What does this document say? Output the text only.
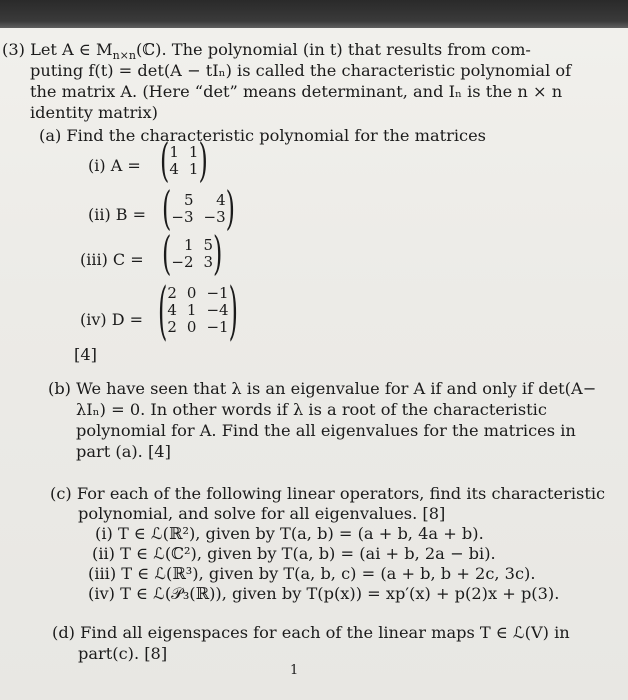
(3) Let A ∈ $M_{n\times n}(ℂ)$. The polynomial (in t) that results from com-
puting f(t) = det(A − tIₙ) is called the characteristic polynomial of
the matrix A. (Here “det” means determinant, and Iₙ is the n × n
identity matrix)
(a) Find the characteristic polynomial for the matrices
(i) A = ( 1 1
4 1 )
(ii) B = ( 5	4
−3 −3 )
(iii) C = ( 1 5
−2 3 )
(iv) D = ( 2 0 −1
4 1 −4
2 0 −1 )
[4]
(b) We have seen that λ is an eigenvalue for A if and only if det(A−
λIₙ) = 0. In other words if λ is a root of the characteristic
polynomial for A. Find the all eigenvalues for the matrices in
part (a). [4]
(c) For each of the following linear operators, find its characteristic
polynomial, and solve for all eigenvalues. [8]
(i) T ∈ ℒ(ℝ²), given by T(a, b) = (a + b, 4a + b).
(ii) T ∈ ℒ(ℂ²), given by T(a, b) = (ai + b, 2a − bi).
(iii) T ∈ ℒ(ℝ³), given by T(a, b, c) = (a + b, b + 2c, 3c).
(iv) T ∈ ℒ(𝒫₃(ℝ)), given by T(p(x)) = xp′(x) + p(2)x + p(3).
(d) Find all eigenspaces for each of the linear maps T ∈ ℒ(V) in
part(c). [8]
1
